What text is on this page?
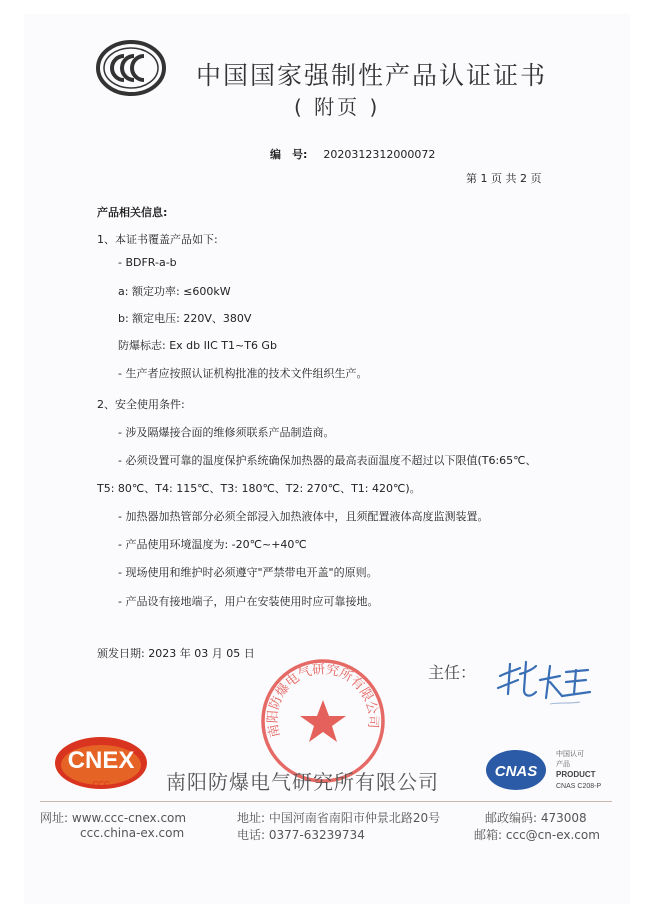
中国国家强制性产品认证证书
( 附页 )
编　号: 2020312312000072
第 1 页 共 2 页
产品相关信息:
1、本证书覆盖产品如下:
- BDFR-a-b
a: 额定功率: ≤600kW
b: 额定电压: 220V、380V
防爆标志: Ex db IIC T1~T6 Gb
- 生产者应按照认证机构批准的技术文件组织生产。
2、安全使用条件:
- 涉及隔爆接合面的维修须联系产品制造商。
- 必须设置可靠的温度保护系统确保加热器的最高表面温度不超过以下限值(T6:65℃、
T5: 80℃、T4: 115℃、T3: 180℃、T2: 270℃、T1: 420℃)。
- 加热器加热管部分必须全部浸入加热液体中，且须配置液体高度监测装置。
- 产品使用环境温度为: -20℃~+40℃
- 现场使用和维护时必须遵守"严禁带电开盖"的原则。
- 产品设有接地端子，用户在安装使用时应可靠接地。
颁发日期: 2023 年 03 月 05 日
主任：
南阳防爆电气研究所有限公司
CNEX
CCC
CNAS
中国认可
产品
PRODUCT
CNAS C208-P
南阳防爆电气研究所有限公司
网址: www.ccc-cnex.com
ccc.china-ex.com
地址: 中国河南省南阳市仲景北路20号
电话: 0377-63239734
邮政编码: 473008
邮箱: ccc@cn-ex.com
